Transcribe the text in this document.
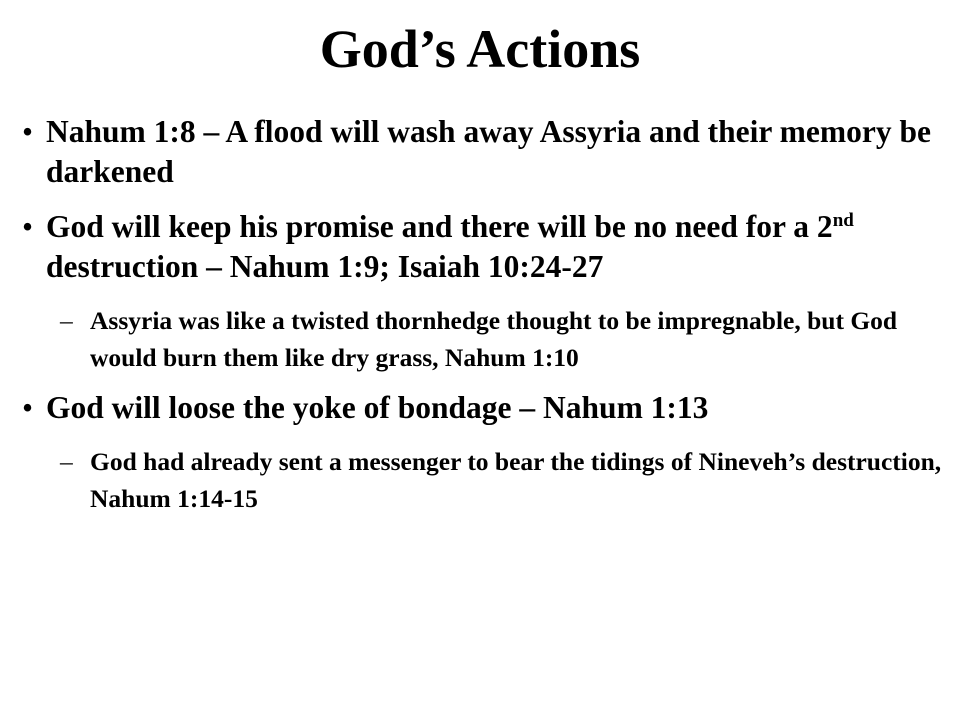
God’s Actions
• Nahum 1:8 – A flood will wash away Assyria and their memory be darkened
• God will keep his promise and there will be no need for a 2nd destruction – Nahum 1:9; Isaiah 10:24-27
– Assyria was like a twisted thornhedge thought to be impregnable, but God would burn them like dry grass, Nahum 1:10
• God will loose the yoke of bondage – Nahum 1:13
– God had already sent a messenger to bear the tidings of Nineveh’s destruction, Nahum 1:14-15
